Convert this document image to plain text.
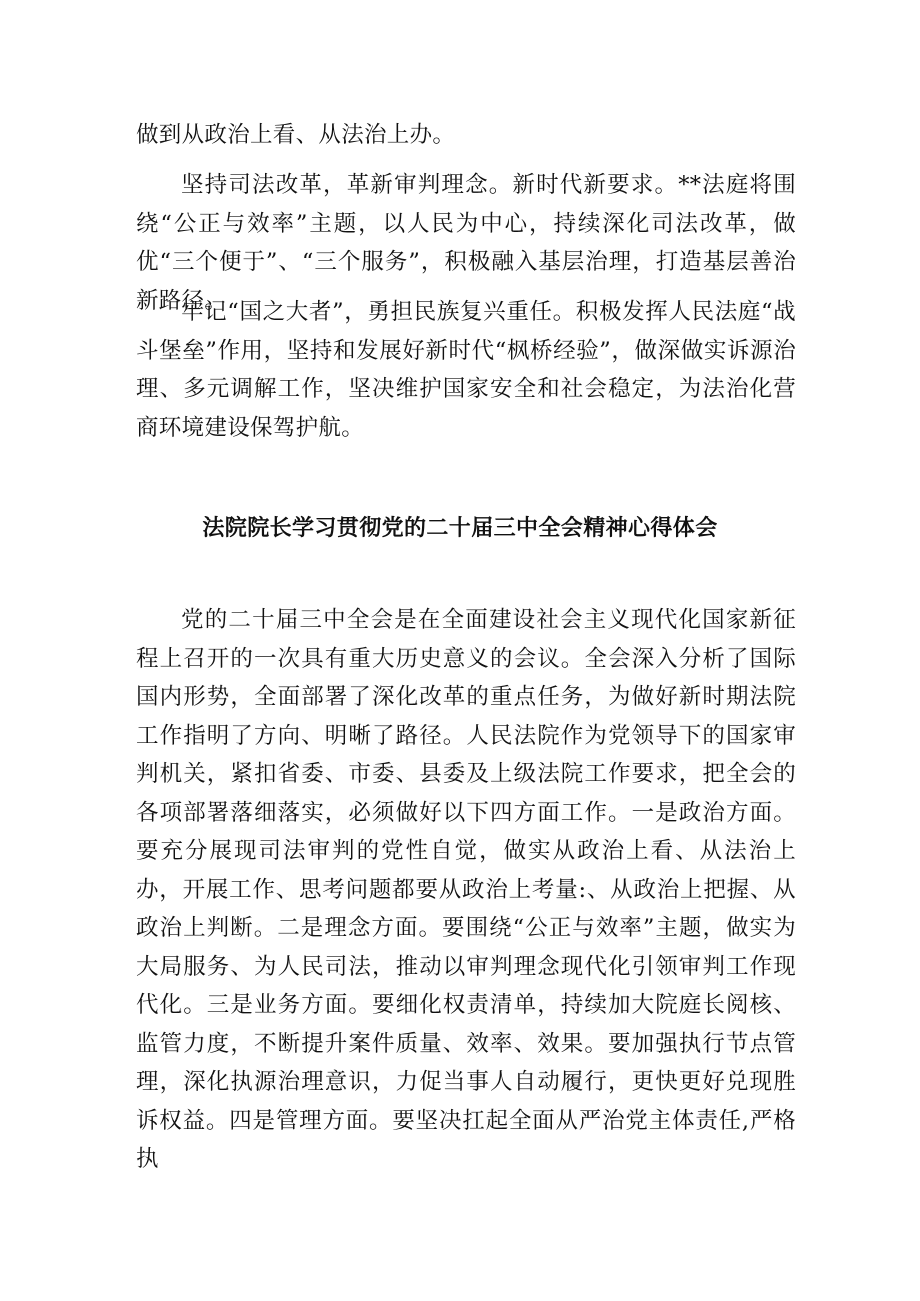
做到从政治上看、从法治上办。

坚持司法改革，革新审判理念。新时代新要求。**法庭将围绕“公正与效率”主题，以人民为中心，持续深化司法改革，做优“三个便于”、“三个服务”，积极融入基层治理，打造基层善治新路径。

牢记“国之大者”，勇担民族复兴重任。积极发挥人民法庭“战斗堡垒”作用，坚持和发展好新时代“枫桥经验”，做深做实诉源治理、多元调解工作，坚决维护国家安全和社会稳定，为法治化营商环境建设保驾护航。

法院院长学习贯彻党的二十届三中全会精神心得体会

党的二十届三中全会是在全面建设社会主义现代化国家新征程上召开的一次具有重大历史意义的会议。全会深入分析了国际国内形势，全面部署了深化改革的重点任务，为做好新时期法院工作指明了方向、明晰了路径。人民法院作为党领导下的国家审判机关，紧扣省委、市委、县委及上级法院工作要求，把全会的各项部署落细落实，必须做好以下四方面工作。一是政治方面。要充分展现司法审判的党性自觉，做实从政治上看、从法治上办，开展工作、思考问题都要从政治上考量:、从政治上把握、从政治上判断。二是理念方面。要围绕“公正与效率”主题，做实为大局服务、为人民司法，推动以审判理念现代化引领审判工作现代化。三是业务方面。要细化权责清单，持续加大院庭长阅核、监管力度，不断提升案件质量、效率、效果。要加强执行节点管理，深化执源治理意识，力促当事人自动履行，更快更好兑现胜诉权益。四是管理方面。要坚决扛起全面从严治党主体责任,严格执
